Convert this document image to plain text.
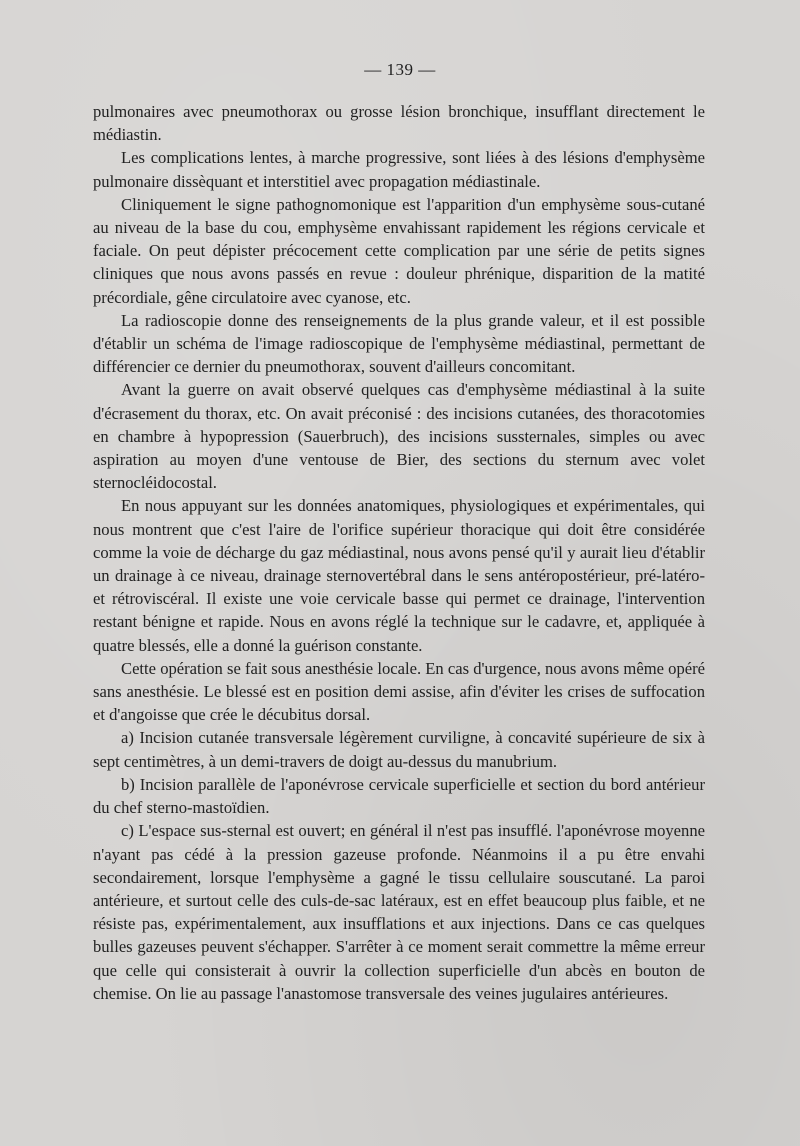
— 139 —

pulmonaires avec pneumothorax ou grosse lésion bronchique, insufflant directement le médiastin.

Les complications lentes, à marche progressive, sont liées à des lésions d'emphysème pulmonaire dissèquant et interstitiel avec propagation médiastinale.

Cliniquement le signe pathognomonique est l'apparition d'un emphysème sous-cutané au niveau de la base du cou, emphysème envahissant rapidement les régions cervicale et faciale. On peut dépister précocement cette complication par une série de petits signes cliniques que nous avons passés en revue : douleur phrénique, disparition de la matité précordiale, gêne circulatoire avec cyanose, etc.

La radioscopie donne des renseignements de la plus grande valeur, et il est possible d'établir un schéma de l'image radioscopique de l'emphysème médiastinal, permettant de différencier ce dernier du pneumothorax, souvent d'ailleurs concomitant.

Avant la guerre on avait observé quelques cas d'emphysème médiastinal à la suite d'écrasement du thorax, etc. On avait préconisé : des incisions cutanées, des thoracotomies en chambre à hypopression (Sauerbruch), des incisions sussternales, simples ou avec aspiration au moyen d'une ventouse de Bier, des sections du sternum avec volet sternocléidocostal.

En nous appuyant sur les données anatomiques, physiologiques et expérimentales, qui nous montrent que c'est l'aire de l'orifice supérieur thoracique qui doit être considérée comme la voie de décharge du gaz médiastinal, nous avons pensé qu'il y aurait lieu d'établir un drainage à ce niveau, drainage sternovertébral dans le sens antéropostérieur, pré-latéro- et rétroviscéral. Il existe une voie cervicale basse qui permet ce drainage, l'intervention restant bénigne et rapide. Nous en avons réglé la technique sur le cadavre, et, appliquée à quatre blessés, elle a donné la guérison constante.

Cette opération se fait sous anesthésie locale. En cas d'urgence, nous avons même opéré sans anesthésie. Le blessé est en position demi assise, afin d'éviter les crises de suffocation et d'angoisse que crée le décubitus dorsal.

a) Incision cutanée transversale légèrement curviligne, à concavité supérieure de six à sept centimètres, à un demi-travers de doigt au-dessus du manubrium.

b) Incision parallèle de l'aponévrose cervicale superficielle et section du bord antérieur du chef sterno-mastoïdien.

c) L'espace sus-sternal est ouvert; en général il n'est pas insufflé. l'aponévrose moyenne n'ayant pas cédé à la pression gazeuse profonde. Néanmoins il a pu être envahi secondairement, lorsque l'emphysème a gagné le tissu cellulaire souscutané. La paroi antérieure, et surtout celle des culs-de-sac latéraux, est en effet beaucoup plus faible, et ne résiste pas, expérimentalement, aux insufflations et aux injections. Dans ce cas quelques bulles gazeuses peuvent s'échapper. S'arrêter à ce moment serait commettre la même erreur que celle qui consisterait à ouvrir la collection superficielle d'un abcès en bouton de chemise. On lie au passage l'anastomose transversale des veines jugulaires antérieures.
